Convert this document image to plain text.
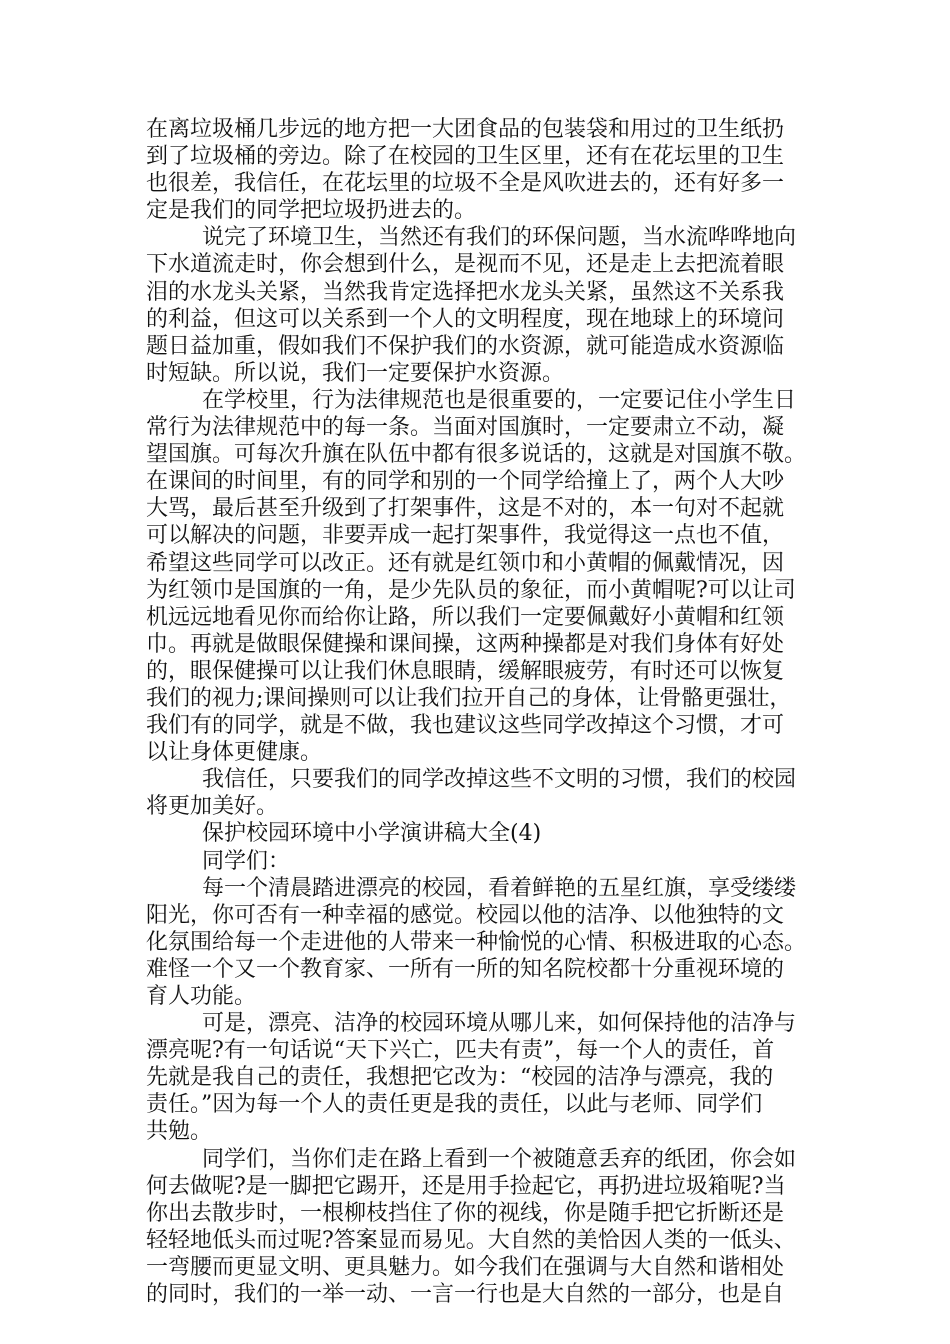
在离垃圾桶几步远的地方把一大团食品的包装袋和用过的卫生纸扔
到了垃圾桶的旁边。除了在校园的卫生区里，还有在花坛里的卫生
也很差，我信任，在花坛里的垃圾不全是风吹进去的，还有好多一
定是我们的同学把垃圾扔进去的。
说完了环境卫生，当然还有我们的环保问题，当水流哗哗地向
下水道流走时，你会想到什么，是视而不见，还是走上去把流着眼
泪的水龙头关紧，当然我肯定选择把水龙头关紧，虽然这不关系我
的利益，但这可以关系到一个人的文明程度，现在地球上的环境问
题日益加重，假如我们不保护我们的水资源，就可能造成水资源临
时短缺。所以说，我们一定要保护水资源。
在学校里，行为法律规范也是很重要的，一定要记住小学生日
常行为法律规范中的每一条。当面对国旗时，一定要肃立不动，凝
望国旗。可每次升旗在队伍中都有很多说话的，这就是对国旗不敬。
在课间的时间里，有的同学和别的一个同学给撞上了，两个人大吵
大骂，最后甚至升级到了打架事件，这是不对的，本一句对不起就
可以解决的问题，非要弄成一起打架事件，我觉得这一点也不值，
希望这些同学可以改正。还有就是红领巾和小黄帽的佩戴情况，因
为红领巾是国旗的一角，是少先队员的象征，而小黄帽呢?可以让司
机远远地看见你而给你让路，所以我们一定要佩戴好小黄帽和红领
巾。再就是做眼保健操和课间操，这两种操都是对我们身体有好处
的，眼保健操可以让我们休息眼睛，缓解眼疲劳，有时还可以恢复
我们的视力;课间操则可以让我们拉开自己的身体，让骨骼更强壮，
我们有的同学，就是不做，我也建议这些同学改掉这个习惯，才可
以让身体更健康。
我信任，只要我们的同学改掉这些不文明的习惯，我们的校园
将更加美好。
保护校园环境中小学演讲稿大全(4)
同学们：
每一个清晨踏进漂亮的校园，看着鲜艳的五星红旗，享受缕缕
阳光，你可否有一种幸福的感觉。校园以他的洁净、以他独特的文
化氛围给每一个走进他的人带来一种愉悦的心情、积极进取的心态。
难怪一个又一个教育家、一所有一所的知名院校都十分重视环境的
育人功能。
可是，漂亮、洁净的校园环境从哪儿来，如何保持他的洁净与
漂亮呢?有一句话说“天下兴亡，匹夫有责”，每一个人的责任，首
先就是我自己的责任，我想把它改为：“校园的洁净与漂亮，我的
责任。”因为每一个人的责任更是我的责任，以此与老师、同学们
共勉。
同学们，当你们走在路上看到一个被随意丢弃的纸团，你会如
何去做呢?是一脚把它踢开，还是用手捡起它，再扔进垃圾箱呢?当
你出去散步时，一根柳枝挡住了你的视线，你是随手把它折断还是
轻轻地低头而过呢?答案显而易见。大自然的美恰因人类的一低头、
一弯腰而更显文明、更具魅力。如今我们在强调与大自然和谐相处
的同时，我们的一举一动、一言一行也是大自然的一部分，也是自
